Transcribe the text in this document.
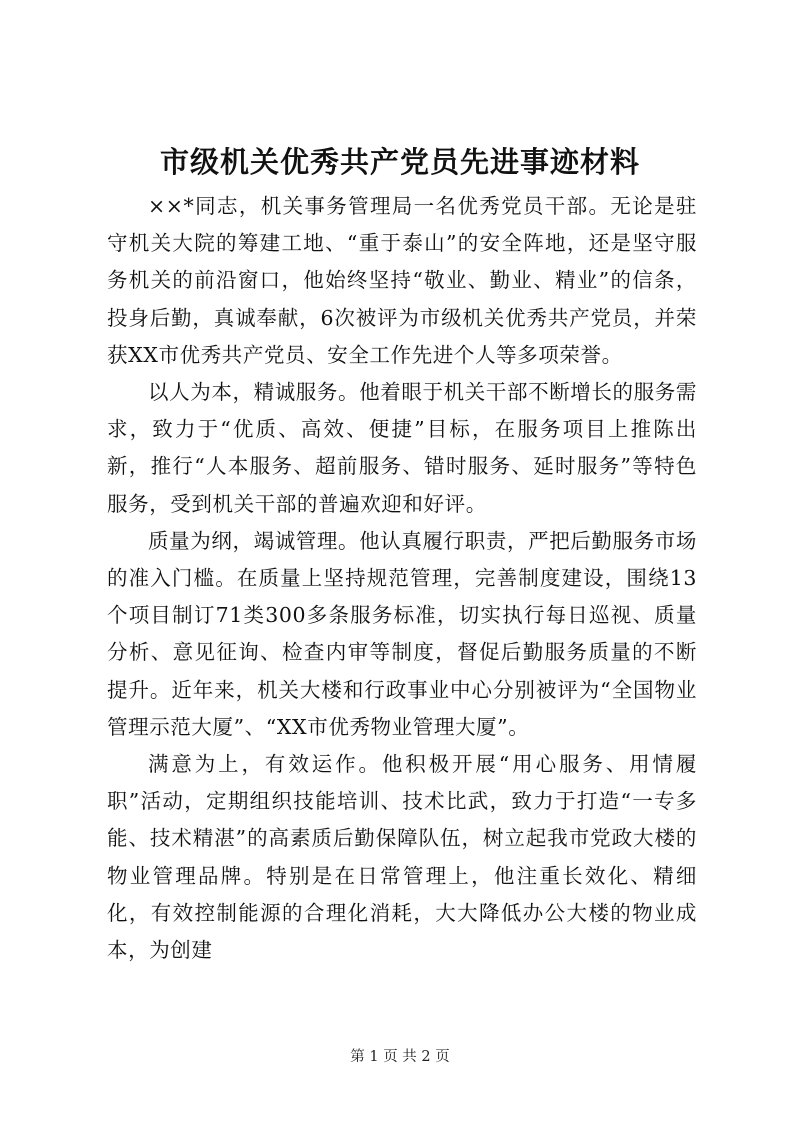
市级机关优秀共产党员先进事迹材料

××*同志，机关事务管理局一名优秀党员干部。无论是驻守机关大院的筹建工地、“重于泰山”的安全阵地，还是坚守服务机关的前沿窗口，他始终坚持“敬业、勤业、精业”的信条，投身后勤，真诚奉献，6次被评为市级机关优秀共产党员，并荣获XX市优秀共产党员、安全工作先进个人等多项荣誉。

以人为本，精诚服务。他着眼于机关干部不断增长的服务需求，致力于“优质、高效、便捷”目标，在服务项目上推陈出新，推行“人本服务、超前服务、错时服务、延时服务”等特色服务，受到机关干部的普遍欢迎和好评。

质量为纲，竭诚管理。他认真履行职责，严把后勤服务市场的准入门槛。在质量上坚持规范管理，完善制度建设，围绕13个项目制订71类300多条服务标准，切实执行每日巡视、质量分析、意见征询、检查内审等制度，督促后勤服务质量的不断提升。近年来，机关大楼和行政事业中心分别被评为“全国物业管理示范大厦”、“XX市优秀物业管理大厦”。

满意为上，有效运作。他积极开展“用心服务、用情履职”活动，定期组织技能培训、技术比武，致力于打造“一专多能、技术精湛”的高素质后勤保障队伍，树立起我市党政大楼的物业管理品牌。特别是在日常管理上，他注重长效化、精细化，有效控制能源的合理化消耗，大大降低办公大楼的物业成本，为创建

第 1 页 共 2 页
